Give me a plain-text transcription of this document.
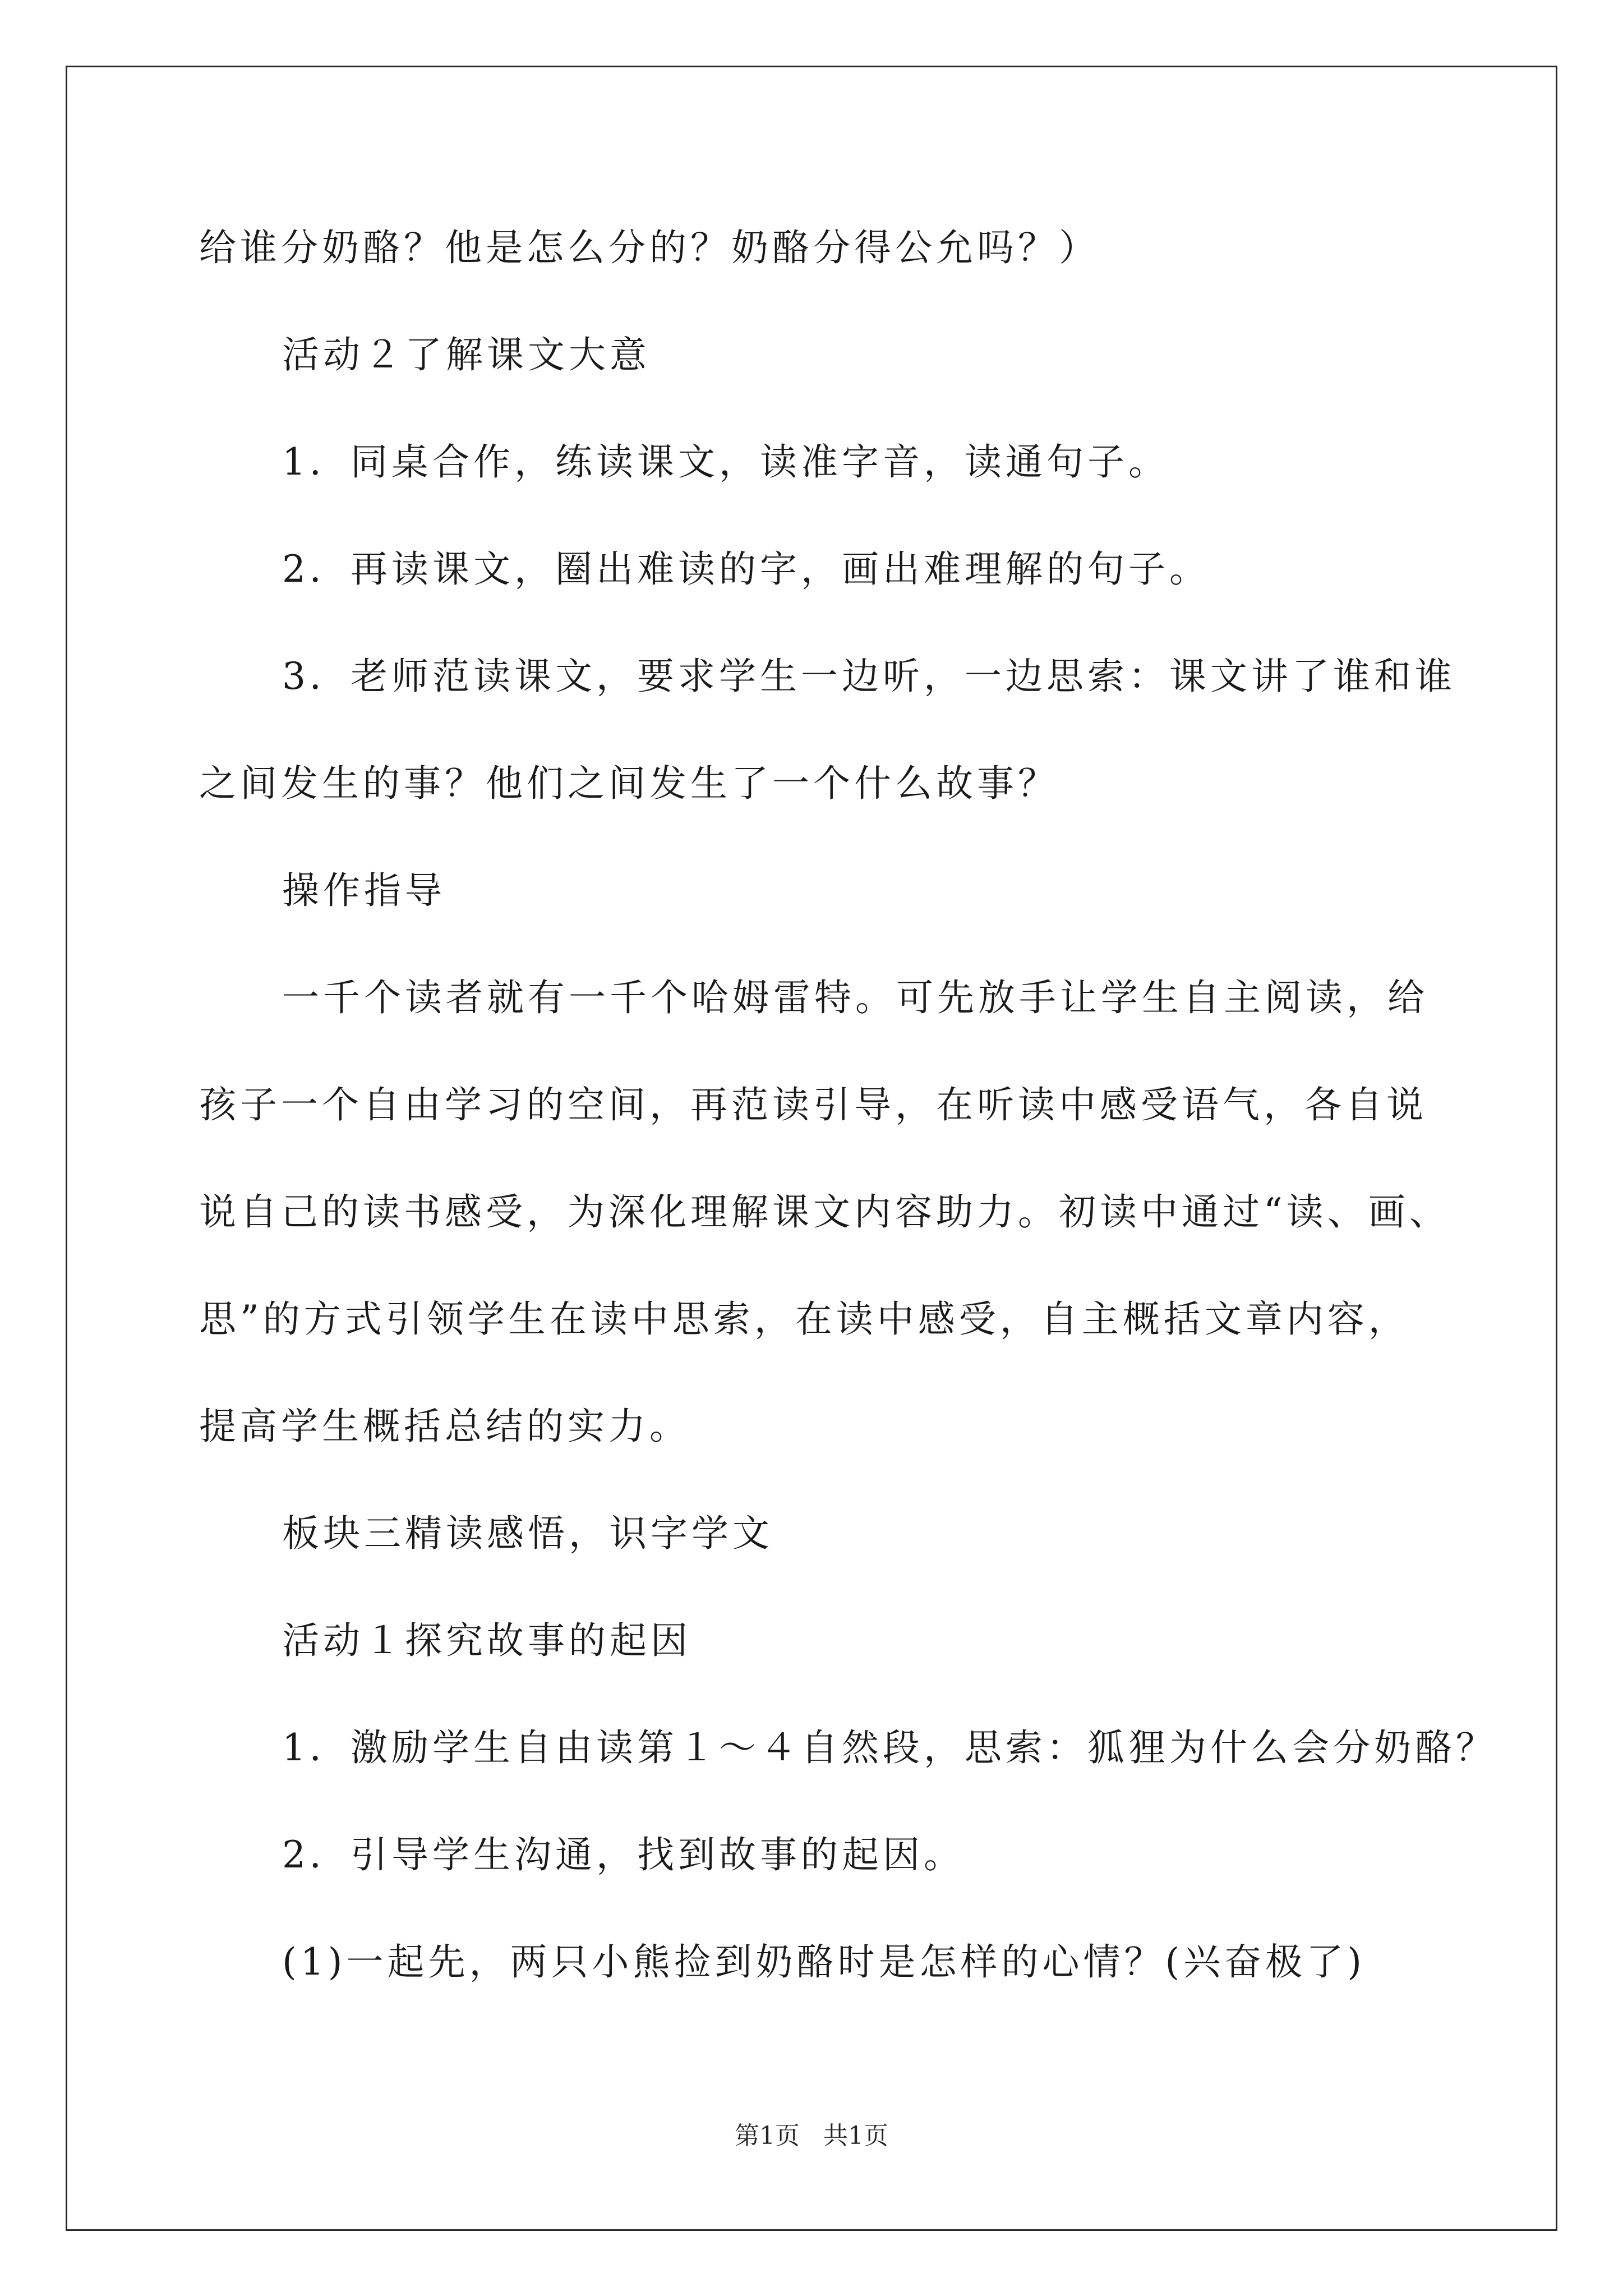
给谁分奶酪？他是怎么分的？奶酪分得公允吗？）

活动２了解课文大意

1．同桌合作，练读课文，读准字音，读通句子。

2．再读课文，圈出难读的字，画出难理解的句子。

3．老师范读课文，要求学生一边听，一边思索：课文讲了谁和谁

之间发生的事？他们之间发生了一个什么故事？

操作指导

一千个读者就有一千个哈姆雷特。可先放手让学生自主阅读，给

孩子一个自由学习的空间，再范读引导，在听读中感受语气，各自说

说自己的读书感受，为深化理解课文内容助力。初读中通过“读、画、

思”的方式引领学生在读中思索，在读中感受，自主概括文章内容，

提高学生概括总结的实力。

板块三精读感悟，识字学文

活动１探究故事的起因

1．激励学生自由读第１～４自然段，思索：狐狸为什么会分奶酪？

2．引导学生沟通，找到故事的起因。

(1)一起先，两只小熊捡到奶酪时是怎样的心情？(兴奋极了)

第1页 共1页
